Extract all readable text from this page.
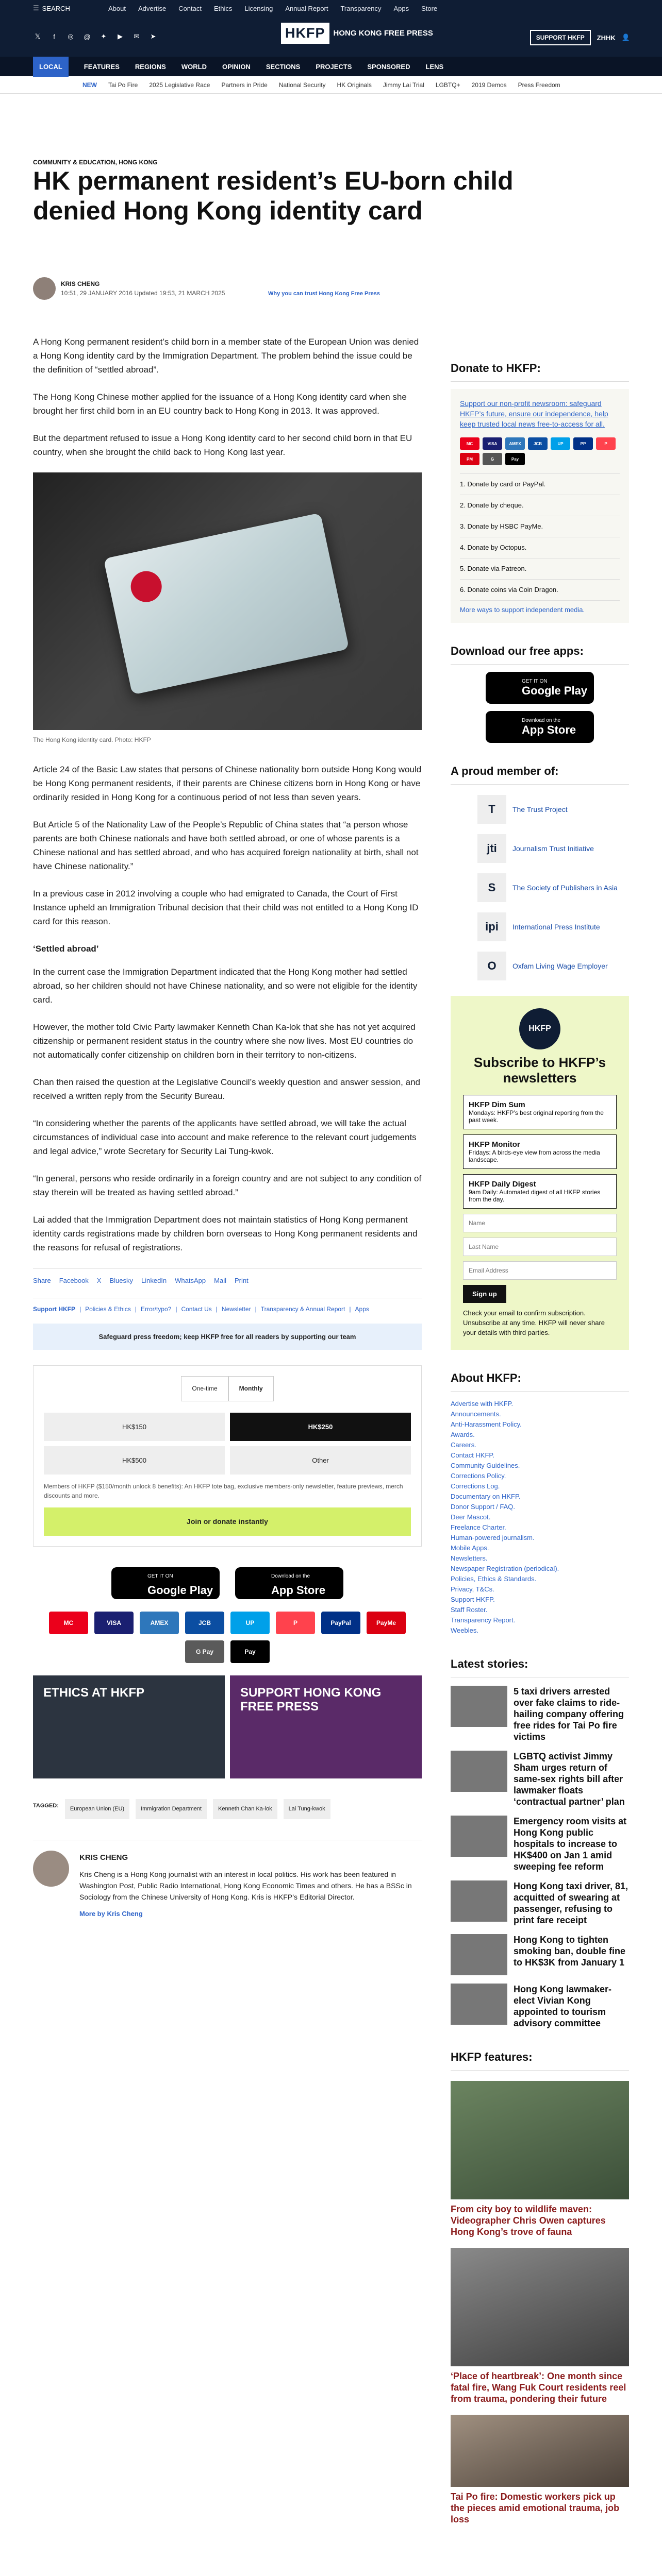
☰ SEARCH	About Advertise Contact Ethics Licensing Annual Report Transparency Apps Store
𝕏	f	◎ @ ✦	▶	✉ ➤	HKFP	HONG KONG FREE PRESS	SUPPORT HKFP	ZHHK 👤
LOCAL	FEATURES REGIONS WORLD OPINION SECTIONS PROJECTS SPONSORED LENS
NEW Tai Po Fire 2025 Legislative Race Partners in Pride National Security HK Originals Jimmy Lai Trial LGBTQ+ 2019 Demos Press Freedom
COMMUNITY & EDUCATION, HONG KONG
HK permanent resident’s EU-born child denied Hong Kong identity card
KRIS CHENG
10:51, 29 JANUARY 2016 Updated 19:53, 21 MARCH 2025	Why you can trust Hong Kong Free Press

A Hong Kong permanent resident’s child born in a member state of the European Union was denied a Hong Kong identity card by the Immigration Department. The problem behind the issue could be the definition of “settled abroad”.

The Hong Kong Chinese mother applied for the issuance of a Hong Kong identity card when she brought her first child born in an EU country back to Hong Kong in 2013. It was approved.

But the department refused to issue a Hong Kong identity card to her second child born in that EU country, when she brought the child back to Hong Kong last year.

The Hong Kong identity card. Photo: HKFP

Article 24 of the Basic Law states that persons of Chinese nationality born outside Hong Kong would be Hong Kong permanent residents, if their parents are Chinese citizens born in Hong Kong or have ordinarily resided in Hong Kong for a continuous period of not less than seven years.

But Article 5 of the Nationality Law of the People’s Republic of China states that “a person whose parents are both Chinese nationals and have both settled abroad, or one of whose parents is a Chinese national and has settled abroad, and who has acquired foreign nationality at birth, shall not have Chinese nationality.”

In a previous case in 2012 involving a couple who had emigrated to Canada, the Court of First Instance upheld an Immigration Tribunal decision that their child was not entitled to a Hong Kong ID card for this reason.

‘Settled abroad’

In the current case the Immigration Department indicated that the Hong Kong mother had settled abroad, so her children should not have Chinese nationality, and so were not eligible for the identity card.

However, the mother told Civic Party lawmaker Kenneth Chan Ka-lok that she has not yet acquired citizenship or permanent resident status in the country where she now lives. Most EU countries do not automatically confer citizenship on children born in their territory to non-citizens.

Chan then raised the question at the Legislative Council’s weekly question and answer session, and received a written reply from the Security Bureau.

“In considering whether the parents of the applicants have settled abroad, we will take the actual circumstances of individual case into account and make reference to the relevant court judgements and legal advice,” wrote Secretary for Security Lai Tung-kwok.

“In general, persons who reside ordinarily in a foreign country and are not subject to any condition of stay therein will be treated as having settled abroad.”

Lai added that the Immigration Department does not maintain statistics of Hong Kong permanent identity cards registrations made by children born overseas to Hong Kong permanent residents and the reasons for refusal of registrations.

Share Facebook X Bluesky LinkedIn WhatsApp Mail Print
Support HKFP | Policies & Ethics | Error/typo? | Contact Us | Newsletter | Transparency & Annual Report | Apps
Safeguard press freedom; keep HKFP free for all readers by supporting our team
One-time	Monthly
HK$150	HK$250
HK$500	Other
Members of HKFP ($150/month unlock 8 benefits): An HKFP tote bag, exclusive members-only newsletter, feature previews, merch discounts and more.
Join or donate instantly
GET IT ON
Google Play
Download on the
App Store
MC	VISA	AMEX	JCB	UP	P	PayPal	PayMe
G Pay	Pay
ETHICS AT HKFP	SUPPORT HONG KONG FREE PRESS
TAGGED:	European Union (EU)	Immigration Department	Kenneth Chan Ka-lok	Lai Tung-kwok
KRIS CHENG
Kris Cheng is a Hong Kong journalist with an interest in local politics. His work has been featured in Washington Post, Public Radio International, Hong Kong Economic Times and others. He has a BSSc in Sociology from the Chinese University of Hong Kong. Kris is HKFP’s Editorial Director.
More by Kris Cheng
Donate to HKFP:

Support our non-profit newsroom: safeguard HKFP’s future, ensure our independence, help keep trusted local news free-to-access for all.

MC	VISA	AMEX	JCB	UP	PP	P
PM	G	Pay
1. Donate by card or PayPal.
2. Donate by cheque.
3. Donate by HSBC PayMe.
4. Donate by Octopus.
5. Donate via Patreon.
6. Donate coins via Coin Dragon.
More ways to support independent media.
Download our free apps:
GET IT ON
Google Play
Download on the
App Store
A proud member of:
T	The Trust Project
jti	Journalism Trust Initiative
S	The Society of Publishers in Asia
ipi	International Press Institute
O	Oxfam Living Wage Employer
HKFP
Subscribe to HKFP’s newsletters
HKFP Dim Sum
Mondays: HKFP’s best original reporting from the past week.
HKFP Monitor
Fridays: A birds-eye view from across the media landscape.
HKFP Daily Digest
9am Daily: Automated digest of all HKFP stories from the day.
Name
Last Name
Email Address
Sign up
Check your email to confirm subscription. Unsubscribe at any time. HKFP will never share your details with third parties.
About HKFP:
Advertise with HKFP.
Announcements.
Anti-Harassment Policy.
Awards.
Careers.
Contact HKFP.
Community Guidelines.
Corrections Policy.
Corrections Log.
Documentary on HKFP.
Donor Support / FAQ.
Deer Mascot.
Freelance Charter.
Human-powered journalism.
Mobile Apps.
Newsletters.
Newspaper Registration (periodical).
Policies, Ethics & Standards.
Privacy, T&Cs.
Support HKFP.
Staff Roster.
Transparency Report.
Weebles.
Latest stories:
5 taxi drivers arrested over fake claims to ride-hailing company offering free rides for Tai Po fire victims
LGBTQ activist Jimmy Sham urges return of same-sex rights bill after lawmaker floats ‘contractual partner’ plan
Emergency room visits at Hong Kong public hospitals to increase to HK$400 on Jan 1 amid sweeping fee reform
Hong Kong taxi driver, 81, acquitted of swearing at passenger, refusing to print fare receipt
Hong Kong to tighten smoking ban, double fine to HK$3K from January 1
Hong Kong lawmaker-elect Vivian Kong appointed to tourism advisory committee
HKFP features:
From city boy to wildlife maven: Videographer Chris Owen captures Hong Kong’s trove of fauna
‘Place of heartbreak’: One month since fatal fire, Wang Fuk Court residents reel from trauma, pondering their future
Tai Po fire: Domestic workers pick up the pieces amid emotional trauma, job loss
